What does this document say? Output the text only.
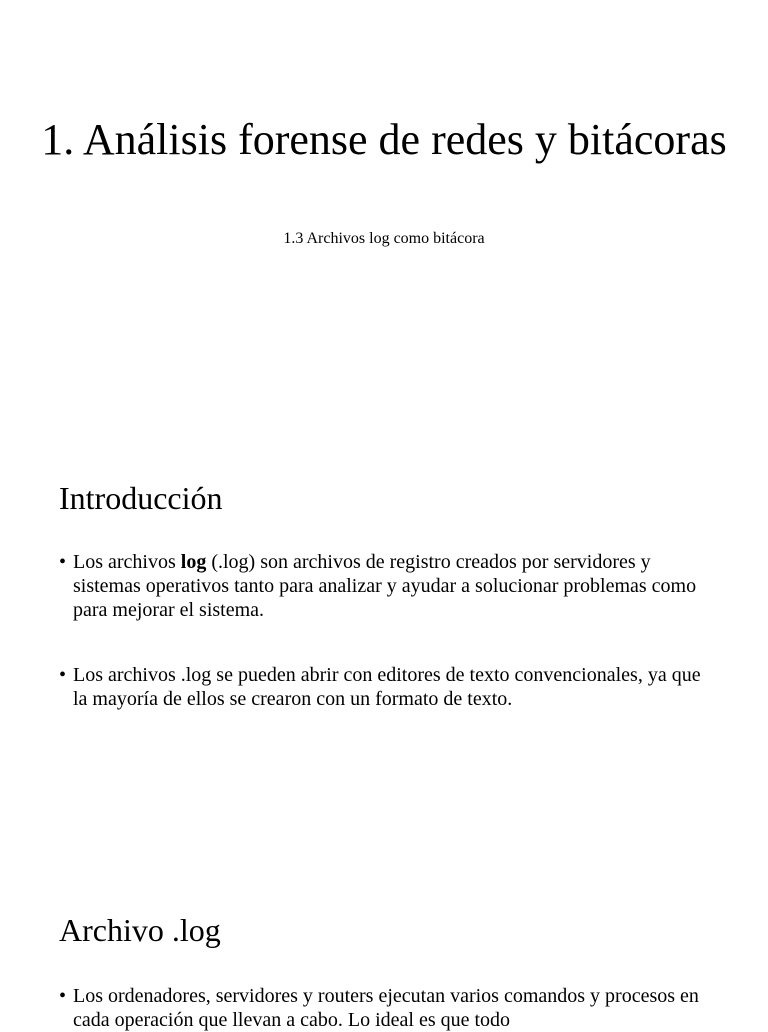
1. Análisis forense de redes y bitácoras

1.3 Archivos log como bitácora

Introducción
• Los archivos log (.log) son archivos de registro creados por servidores y sistemas operativos tanto para analizar y ayudar a solucionar problemas como para mejorar el sistema.
• Los archivos .log se pueden abrir con editores de texto convencionales, ya que la mayoría de ellos se crearon con un formato de texto.
Archivo .log
• Los ordenadores, servidores y routers ejecutan varios comandos y procesos en cada operación que llevan a cabo. Lo ideal es que todo
